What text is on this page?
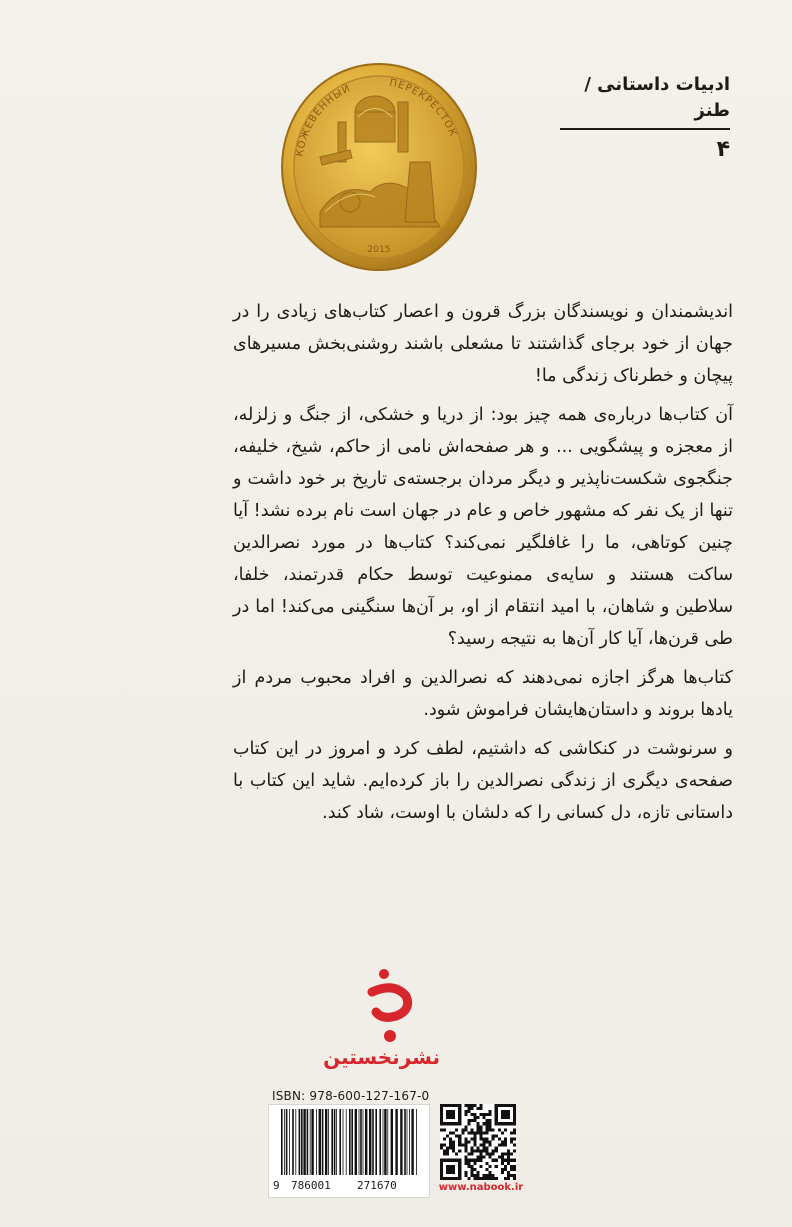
ادبیات داستانی / طنز
۴
КОЖЕВЕННЫЙ	ПЕРЕКРЕСТОК
2015

اندیشمندان و نویسندگان بزرگ قرون و اعصار کتاب‌های زیادی را در جهان از خود برجای گذاشتند تا مشعلی باشند روشنی‌بخش مسیرهای پیچان و خطرناک زندگی ما!

آن کتاب‌ها درباره‌ی همه چیز بود: از دریا و خشکی، از جنگ و زلزله، از معجزه و پیشگویی ... و هر صفحه‌اش نامی از حاکم، شیخ، خلیفه، جنگجوی شکست‌ناپذیر و دیگر مردان برجسته‌ی تاریخ بر خود داشت و تنها از یک نفر که مشهور خاص و عام در جهان است نام برده نشد! آیا چنین کوتاهی، ما را غافلگیر نمی‌کند؟ کتاب‌ها در مورد نصرالدین ساکت هستند و سایه‌ی ممنوعیت توسط حکام قدرتمند، خلفا، سلاطین و شاهان، با امید انتقام از او، بر آن‌ها سنگینی می‌کند! اما در طی قرن‌ها، آیا کار آن‌ها به نتیجه رسید؟

کتاب‌ها هرگز اجازه نمی‌دهند که نصرالدین و افراد محبوب مردم از یادها بروند و داستان‌هایشان فراموش شود.

و سرنوشت در کنکاشی که داشتیم، لطف کرد و امروز در این کتاب صفحه‌ی دیگری از زندگی نصرالدین را باز کرده‌ایم. شاید این کتاب با داستانی تازه، دل کسانی را که دلشان با اوست، شاد کند.

نشرنخستین
ISBN: 978-600-127-167-0
9 786001 271670	www.nabook.ir
